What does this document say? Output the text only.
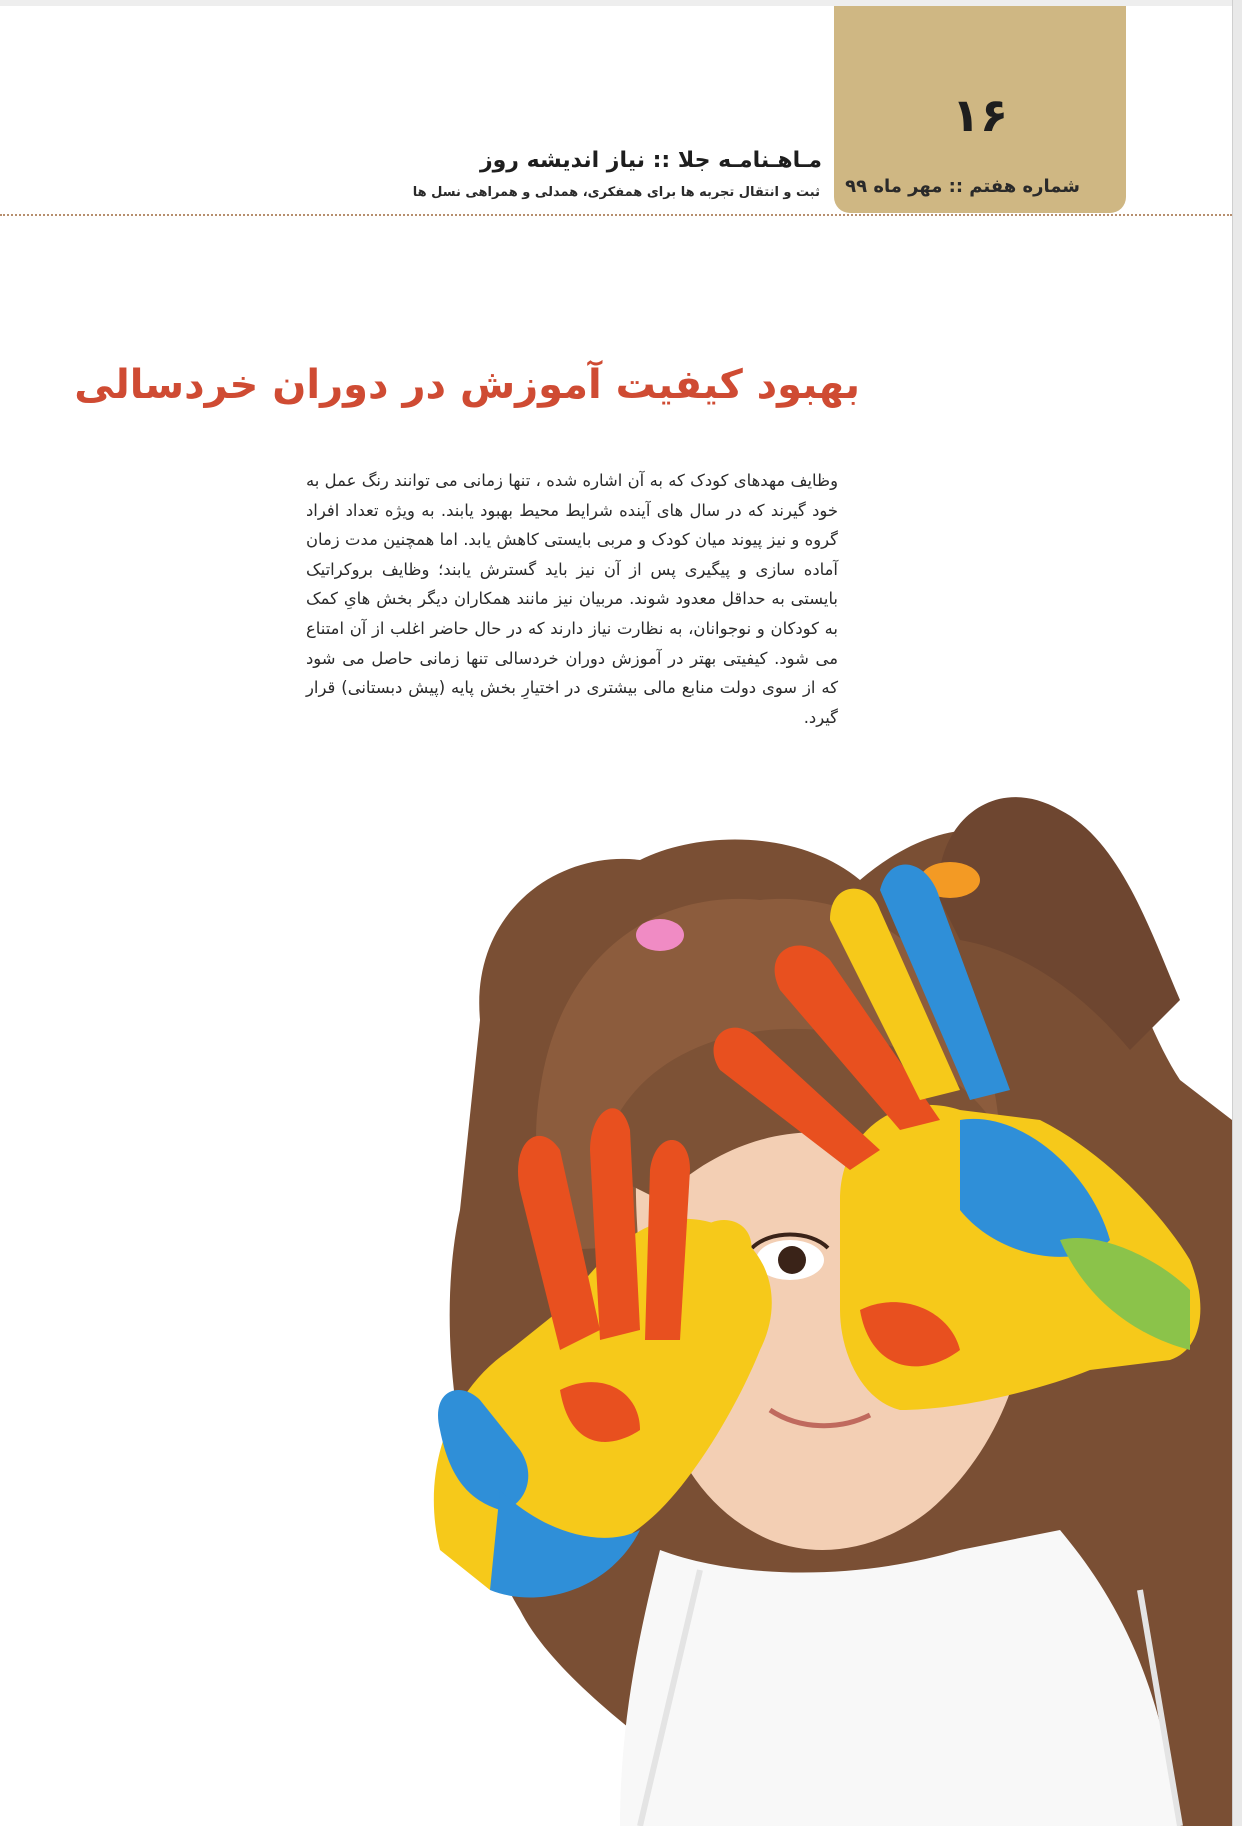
۱۶
شماره هفتم :: مهر ماه ۹۹
مـاهـنامـه جلا :: نیاز اندیشه روز
ثبت و انتقال تجربه ها برای همفکری، همدلی و همراهی نسل ها
بهبود کیفیت آموزش در دوران خردسالی
وظایف مهدهای کودک که به آن اشاره شده ، تنها زمانی می توانند رنگ عمل به خود گیرند که در سال های آینده شرایط محیط بهبود یابند. به ویژه تعداد افراد گروه و نیز پیوند میان کودک و مربی بایستی کاهش یابد. اما همچنین مدت زمان آماده سازی و پیگیری پس از آن نیز باید گسترش یابند؛ وظایف بروکراتیک بایستی به حداقل معدود شوند. مربیان نیز مانند همکاران دیگر بخش هایِ کمک به کودکان و نوجوانان، به نظارت نیاز دارند که در حال حاضر اغلب از آن امتناع می شود. کیفیتی بهتر در آموزش دوران خردسالی تنها زمانی حاصل می شود که از سوی دولت منابع مالی بیشتری در اختیارِ بخش پایه (پیش دبستانی) قرار گیرد.
